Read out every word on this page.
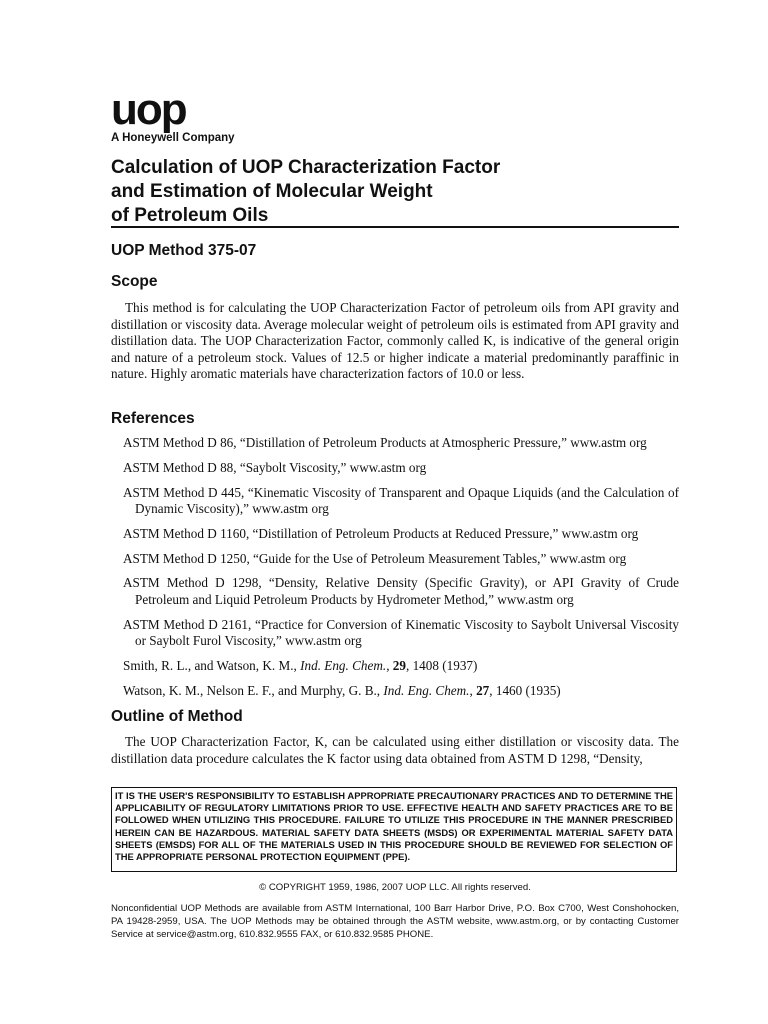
uop
A Honeywell Company
Calculation of UOP Characterization Factor
and Estimation of Molecular Weight
of Petroleum Oils
UOP Method 375-07
Scope
This method is for calculating the UOP Characterization Factor of petroleum oils from API gravity and distillation or viscosity data. Average molecular weight of petroleum oils is estimated from API gravity and distillation data. The UOP Characterization Factor, commonly called K, is indicative of the general origin and nature of a petroleum stock. Values of 12.5 or higher indicate a material predominantly paraffinic in nature. Highly aromatic materials have characterization factors of 10.0 or less.
References
ASTM Method D 86, “Distillation of Petroleum Products at Atmospheric Pressure,” www.astm org
ASTM Method D 88, “Saybolt Viscosity,” www.astm org
ASTM Method D 445, “Kinematic Viscosity of Transparent and Opaque Liquids (and the Calculation of Dynamic Viscosity),” www.astm org
ASTM Method D 1160, “Distillation of Petroleum Products at Reduced Pressure,” www.astm org
ASTM Method D 1250, “Guide for the Use of Petroleum Measurement Tables,” www.astm org
ASTM Method D 1298, “Density, Relative Density (Specific Gravity), or API Gravity of Crude Petroleum and Liquid Petroleum Products by Hydrometer Method,” www.astm org
ASTM Method D 2161, “Practice for Conversion of Kinematic Viscosity to Saybolt Universal Viscosity or Saybolt Furol Viscosity,” www.astm org
Smith, R. L., and Watson, K. M., Ind. Eng. Chem., 29, 1408 (1937)
Watson, K. M., Nelson E. F., and Murphy, G. B., Ind. Eng. Chem., 27, 1460 (1935)
Outline of Method
The UOP Characterization Factor, K, can be calculated using either distillation or viscosity data. The distillation data procedure calculates the K factor using data obtained from ASTM D 1298, “Density,
IT IS THE USER'S RESPONSIBILITY TO ESTABLISH APPROPRIATE PRECAUTIONARY PRACTICES AND TO DETERMINE THE APPLICABILITY OF REGULATORY LIMITATIONS PRIOR TO USE. EFFECTIVE HEALTH AND SAFETY PRACTICES ARE TO BE FOLLOWED WHEN UTILIZING THIS PROCEDURE. FAILURE TO UTILIZE THIS PROCEDURE IN THE MANNER PRESCRIBED HEREIN CAN BE HAZARDOUS. MATERIAL SAFETY DATA SHEETS (MSDS) OR EXPERIMENTAL MATERIAL SAFETY DATA SHEETS (EMSDS) FOR ALL OF THE MATERIALS USED IN THIS PROCEDURE SHOULD BE REVIEWED FOR SELECTION OF THE APPROPRIATE PERSONAL PROTECTION EQUIPMENT (PPE).
© COPYRIGHT 1959, 1986, 2007 UOP LLC. All rights reserved.
Nonconfidential UOP Methods are available from ASTM International, 100 Barr Harbor Drive, P.O. Box C700, West Conshohocken, PA 19428-2959, USA. The UOP Methods may be obtained through the ASTM website, www.astm.org, or by contacting Customer Service at service@astm.org, 610.832.9555 FAX, or 610.832.9585 PHONE.
